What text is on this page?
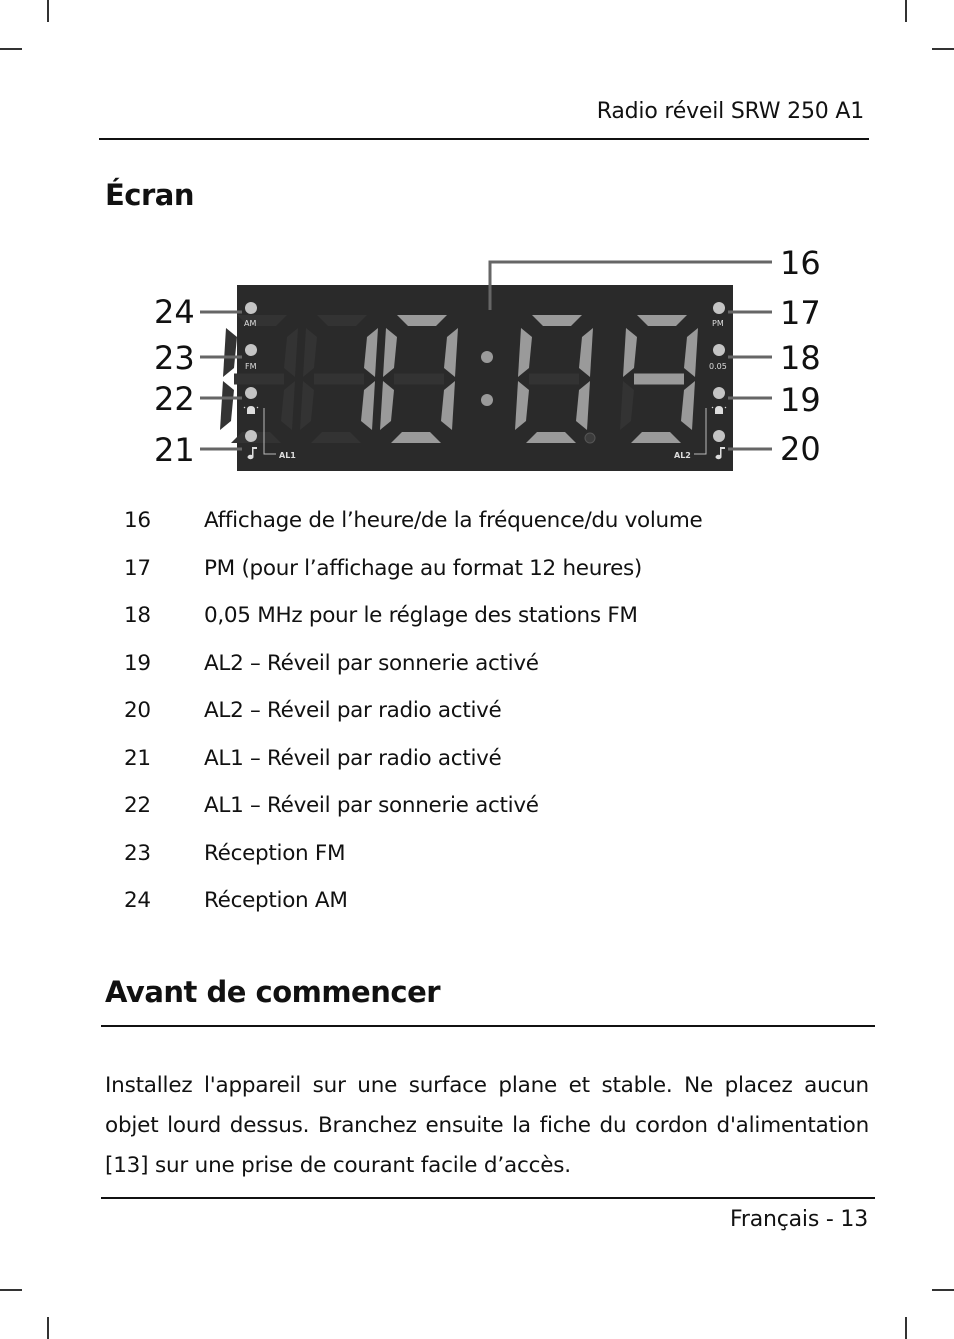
Radio réveil SRW 250 A1
Écran
AM
FM
AL1
PM
0.05
AL2
24
23
22
21
16
17
18
19
20
16	Affichage de l’heure/de la fréquence/du volume
17	PM (pour l’affichage au format 12 heures)
18	0,05 MHz pour le réglage des stations FM
19	AL2 – Réveil par sonnerie activé
20	AL2 – Réveil par radio activé
21	AL1 – Réveil par radio activé
22	AL1 – Réveil par sonnerie activé
23	Réception FM
24	Réception AM
Avant de commencer
Installez l'appareil sur une surface plane et stable. Ne placez aucun objet lourd dessus. Branchez ensuite la fiche du cordon d'alimentation [13] sur une prise de courant facile d’accès.
Français - 13
